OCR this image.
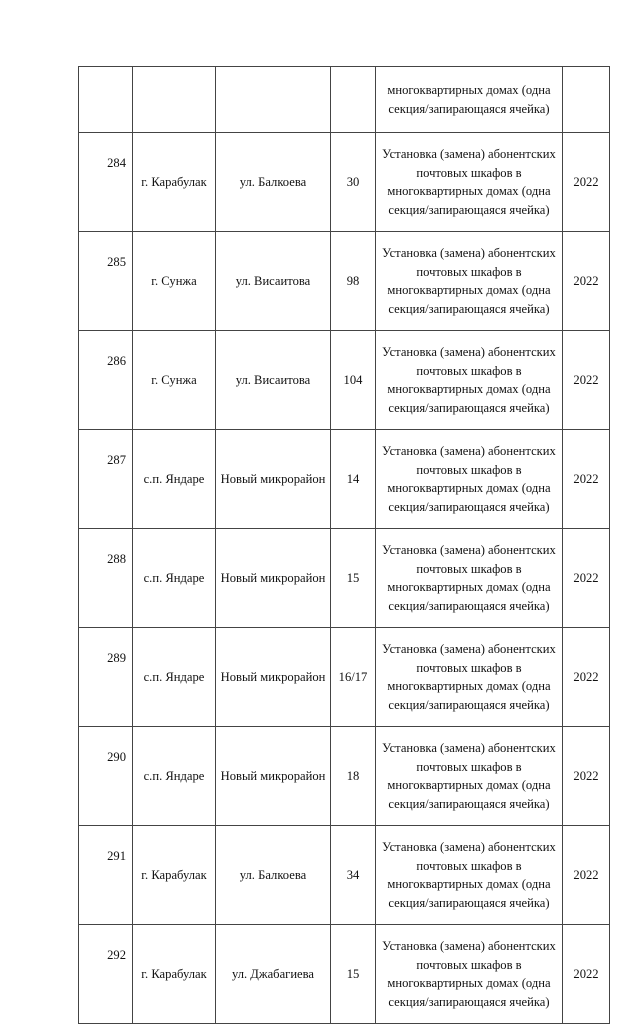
				многоквартирных домах (одна
секция/запирающаяся ячейка)	

284	г. Карабулак	ул. Балкоева	30	Установка (замена) абонентских
почтовых шкафов в
многоквартирных домах (одна
секция/запирающаяся ячейка)	2022
285	г. Сунжа	ул. Висаитова	98	Установка (замена) абонентских
почтовых шкафов в
многоквартирных домах (одна
секция/запирающаяся ячейка)	2022
286	г. Сунжа	ул. Висаитова	104	Установка (замена) абонентских
почтовых шкафов в
многоквартирных домах (одна
секция/запирающаяся ячейка)	2022
287	с.п. Яндаре	Новый микрорайон	14	Установка (замена) абонентских
почтовых шкафов в
многоквартирных домах (одна
секция/запирающаяся ячейка)	2022
288	с.п. Яндаре	Новый микрорайон	15	Установка (замена) абонентских
почтовых шкафов в
многоквартирных домах (одна
секция/запирающаяся ячейка)	2022
289	с.п. Яндаре	Новый микрорайон	16/17	Установка (замена) абонентских
почтовых шкафов в
многоквартирных домах (одна
секция/запирающаяся ячейка)	2022
290	с.п. Яндаре	Новый микрорайон	18	Установка (замена) абонентских
почтовых шкафов в
многоквартирных домах (одна
секция/запирающаяся ячейка)	2022
291	г. Карабулак	ул. Балкоева	34	Установка (замена) абонентских
почтовых шкафов в
многоквартирных домах (одна
секция/запирающаяся ячейка)	2022
292	г. Карабулак	ул. Джабагиева	15	Установка (замена) абонентских
почтовых шкафов в
многоквартирных домах (одна
секция/запирающаяся ячейка)	2022
